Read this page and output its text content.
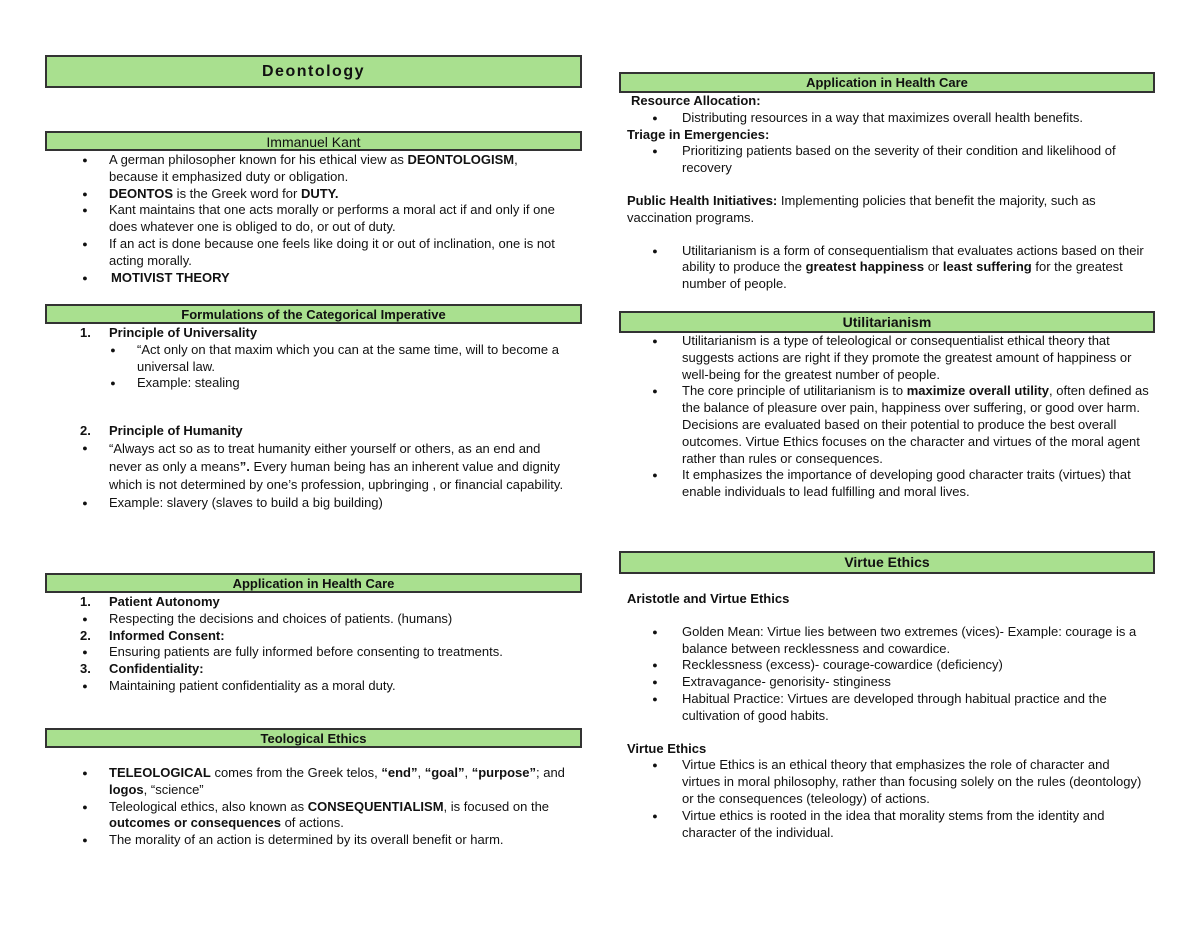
Deontology
Immanuel Kant
●	A german philosopher known for his ethical view as DEONTOLOGISM, because it emphasized duty or obligation.
●	DEONTOS is the Greek word for DUTY.
●	Kant maintains that one acts morally or performs a moral act if and only if one does whatever one is obliged to do, or out of duty.
●	If an act is done because one feels like doing it or out of inclination, one is not acting morally.
●	MOTIVIST THEORY
Formulations of the Categorical Imperative
1.	Principle of Universality
●	“Act only on that maxim which you can at the same time, will to become a universal law.
●	Example: stealing
2.	Principle of Humanity
●	“Always act so as to treat humanity either yourself or others, as an end and never as only a means”. Every human being has an inherent value and dignity which is not determined by one’s profession, upbringing , or financial capability.
●	Example: slavery (slaves to build a big building)
Application in Health Care
1.	Patient Autonomy
●	Respecting the decisions and choices of patients. (humans)
2.	Informed Consent:
●	Ensuring patients are fully informed before consenting to treatments.
3.	Confidentiality:
●	Maintaining patient confidentiality as a moral duty.
Teological Ethics
●	TELEOLOGICAL comes from the Greek telos, “end”, “goal”, “purpose”; and logos, “science”
●	Teleological ethics, also known as CONSEQUENTIALISM, is focused on the outcomes or consequences of actions.
●	The morality of an action is determined by its overall benefit or harm.
Application in Health Care
Resource Allocation:
●	Distributing resources in a way that maximizes overall health benefits.
Triage in Emergencies:
●	Prioritizing patients based on the severity of their condition and likelihood of recovery
Public Health Initiatives: Implementing policies that benefit the majority, such as vaccination programs.
●	Utilitarianism is a form of consequentialism that evaluates actions based on their ability to produce the greatest happiness or least suffering for the greatest number of people.
Utilitarianism
●	Utilitarianism is a type of teleological or consequentialist ethical theory that suggests actions are right if they promote the greatest amount of happiness or well-being for the greatest number of people.
●	The core principle of utilitarianism is to maximize overall utility, often defined as the balance of pleasure over pain, happiness over suffering, or good over harm. Decisions are evaluated based on their potential to produce the best overall outcomes. Virtue Ethics focuses on the character and virtues of the moral agent rather than rules or consequences.
●	It emphasizes the importance of developing good character traits (virtues) that enable individuals to lead fulfilling and moral lives.
Virtue Ethics
Aristotle and Virtue Ethics
●	Golden Mean: Virtue lies between two extremes (vices)- Example: courage is a balance between recklessness and cowardice.
●	Recklessness (excess)- courage-cowardice (deficiency)
●	Extravagance- genorisity- stinginess
●	Habitual Practice: Virtues are developed through habitual practice and the cultivation of good habits.
Virtue Ethics
●	Virtue Ethics is an ethical theory that emphasizes the role of character and virtues in moral philosophy, rather than focusing solely on the rules (deontology) or the consequences (teleology) of actions.
●	Virtue ethics is rooted in the idea that morality stems from the identity and character of the individual.
